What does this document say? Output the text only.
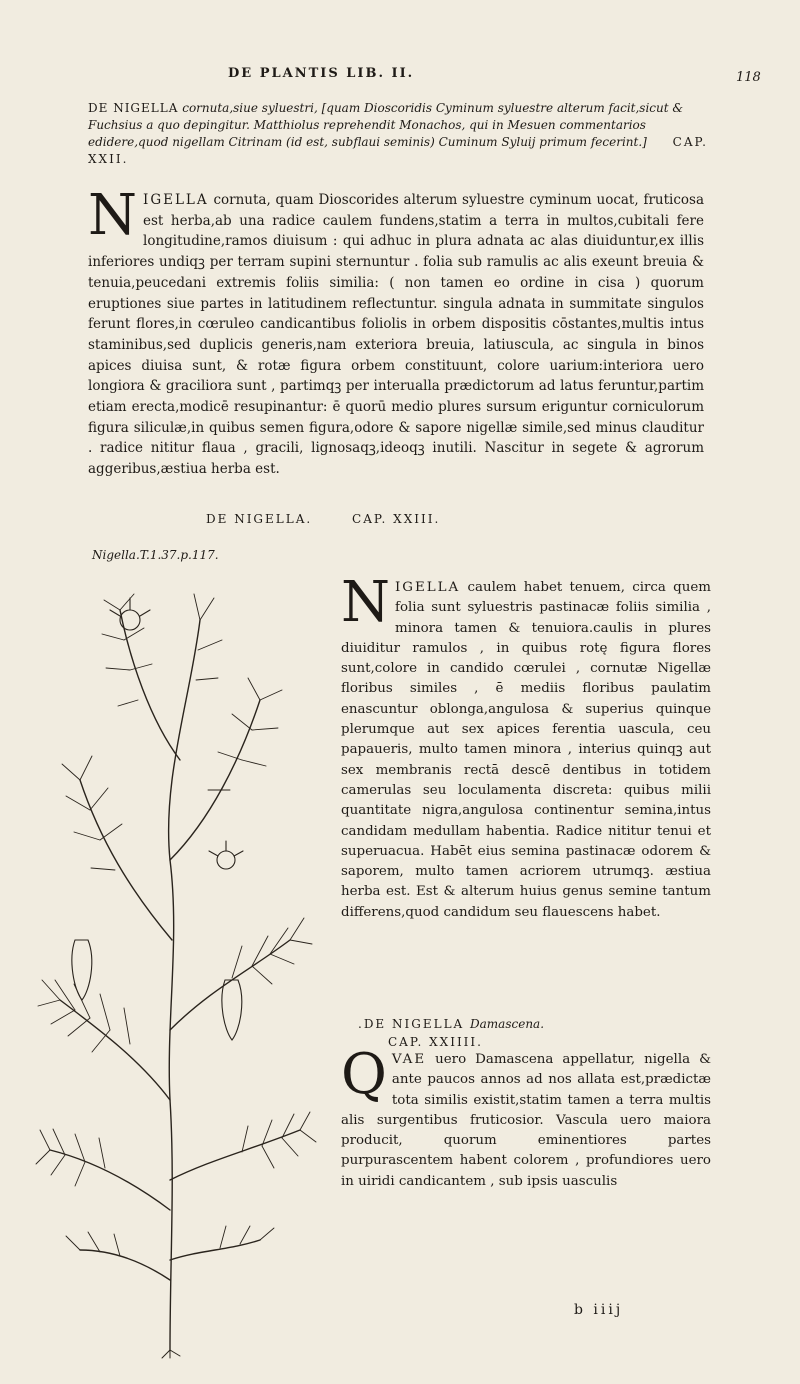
DE PLANTIS LIB. II.	118
DE NIGELLA cornuta,siue syluestri, [quam Dioscoridis Cyminum syluestre alterum facit,sicut & Fuchsius a quo depingitur. Matthiolus reprehendit Monachos, qui in Mesuen commentarios edidere,quod nigellam Citrinam (id est, subflaui seminis) Cuminum Syluij primum fecerint.] CAP. XXII.
N IGELLA cornuta, quam Dioscorides alterum syluestre cyminum uocat, fruticosa est herba,ab una radice caulem fundens,statim a terra in multos,cubitali fere longitudine,ramos diuisum : qui adhuc in plura adnata ac alas diuiduntur,ex illis inferiores undiqꝫ per terram supini sternuntur . folia sub ramulis ac alis exeunt breuia & tenuia,peucedani extremis foliis similia: ( non tamen eo ordine in cisa ) quorum eruptiones siue partes in latitudinem reflectuntur. singula adnata in summitate singulos ferunt flores,in cœruleo candicantibus foliolis in orbem dispositis cōstantes,multis intus staminibus,sed duplicis generis,nam exteriora breuia, latiuscula, ac singula in binos apices diuisa sunt, & rotæ figura orbem constituunt, colore uarium:interiora uero longiora & graciliora sunt , partimqꝫ per interualla prædictorum ad latus feruntur,partim etiam erecta,modicē resupinantur: ē quorū medio plures sursum eriguntur corniculorum figura siliculæ,in quibus semen figura,odore & sapore nigellæ simile,sed minus clauditur . radice nititur flaua , gracili, lignosaqꝫ,ideoqꝫ inutili. Nascitur in segete & agrorum aggeribus,æstiua herba est.
DE NIGELLA.	CAP. XXIII.
Nigella.T.1.37.p.117.
N IGELLA caulem habet tenuem, circa quem folia sunt syluestris pastinacæ foliis similia , minora tamen & tenuiora.caulis in plures diuiditur ramulos , in quibus rotę figura flores sunt,colore in candido cœrulei , cornutæ Nigellæ floribus similes , ē mediis floribus paulatim enascuntur oblonga,angulosa & superius quinque plerumque aut sex apices ferentia uascula, ceu papaueris, multo tamen minora , interius quinqꝫ aut sex membranis rectā descē dentibus in totidem camerulas seu loculamenta discreta: quibus milii quantitate nigra,angulosa continentur semina,intus candidam medullam habentia. Radice nititur tenui et superuacua. Habēt eius semina pastinacæ odorem & saporem, multo tamen acriorem utrumqꝫ. æstiua herba est. Est & alterum huius genus semine tantum differens,quod candidum seu flauescens habet.
.DE NIGELLA Damascena.
CAP. XXIIII.
Q VAE uero Damascena appellatur, nigella & ante paucos annos ad nos allata est,prædictæ tota similis existit,statim tamen a terra multis alis surgentibus fruticosior. Vascula uero maiora producit, quorum eminentiores partes purpurascentem habent colorem , profundiores uero in uiridi candicantem , sub ipsis uasculis
b iiij
